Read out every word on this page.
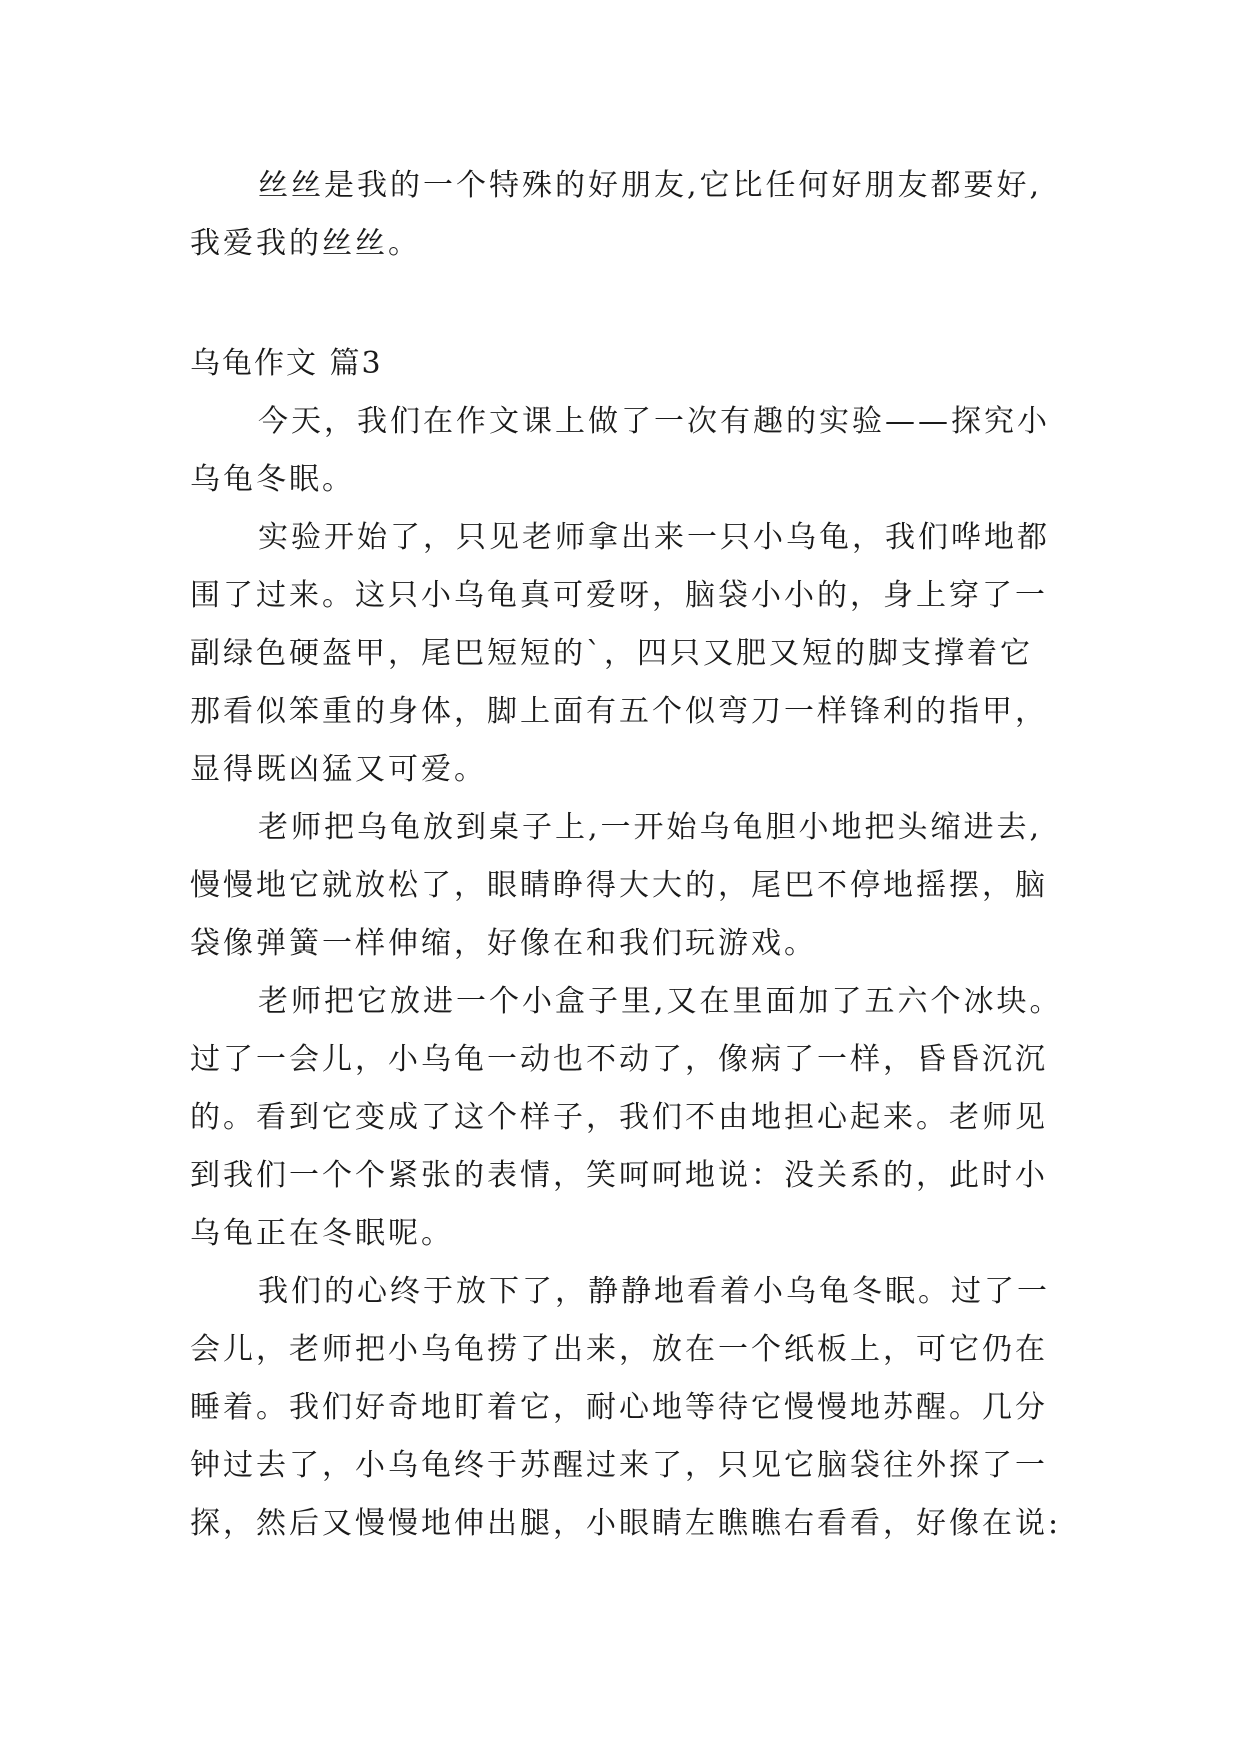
丝丝是我的一个特殊的好朋友,它比任何好朋友都要好,
我爱我的丝丝。
乌龟作文 篇3
今天，我们在作文课上做了一次有趣的实验——探究小
乌龟冬眠。
实验开始了，只见老师拿出来一只小乌龟，我们哗地都
围了过来。这只小乌龟真可爱呀，脑袋小小的，身上穿了一
副绿色硬盔甲，尾巴短短的`，四只又肥又短的脚支撑着它
那看似笨重的身体，脚上面有五个似弯刀一样锋利的指甲，
显得既凶猛又可爱。
老师把乌龟放到桌子上,一开始乌龟胆小地把头缩进去,
慢慢地它就放松了，眼睛睁得大大的，尾巴不停地摇摆，脑
袋像弹簧一样伸缩，好像在和我们玩游戏。
老师把它放进一个小盒子里,又在里面加了五六个冰块。
过了一会儿，小乌龟一动也不动了，像病了一样，昏昏沉沉
的。看到它变成了这个样子，我们不由地担心起来。老师见
到我们一个个紧张的表情，笑呵呵地说：没关系的，此时小
乌龟正在冬眠呢。
我们的心终于放下了，静静地看着小乌龟冬眠。过了一
会儿，老师把小乌龟捞了出来，放在一个纸板上，可它仍在
睡着。我们好奇地盯着它，耐心地等待它慢慢地苏醒。几分
钟过去了，小乌龟终于苏醒过来了，只见它脑袋往外探了一
探，然后又慢慢地伸出腿，小眼睛左瞧瞧右看看，好像在说:
